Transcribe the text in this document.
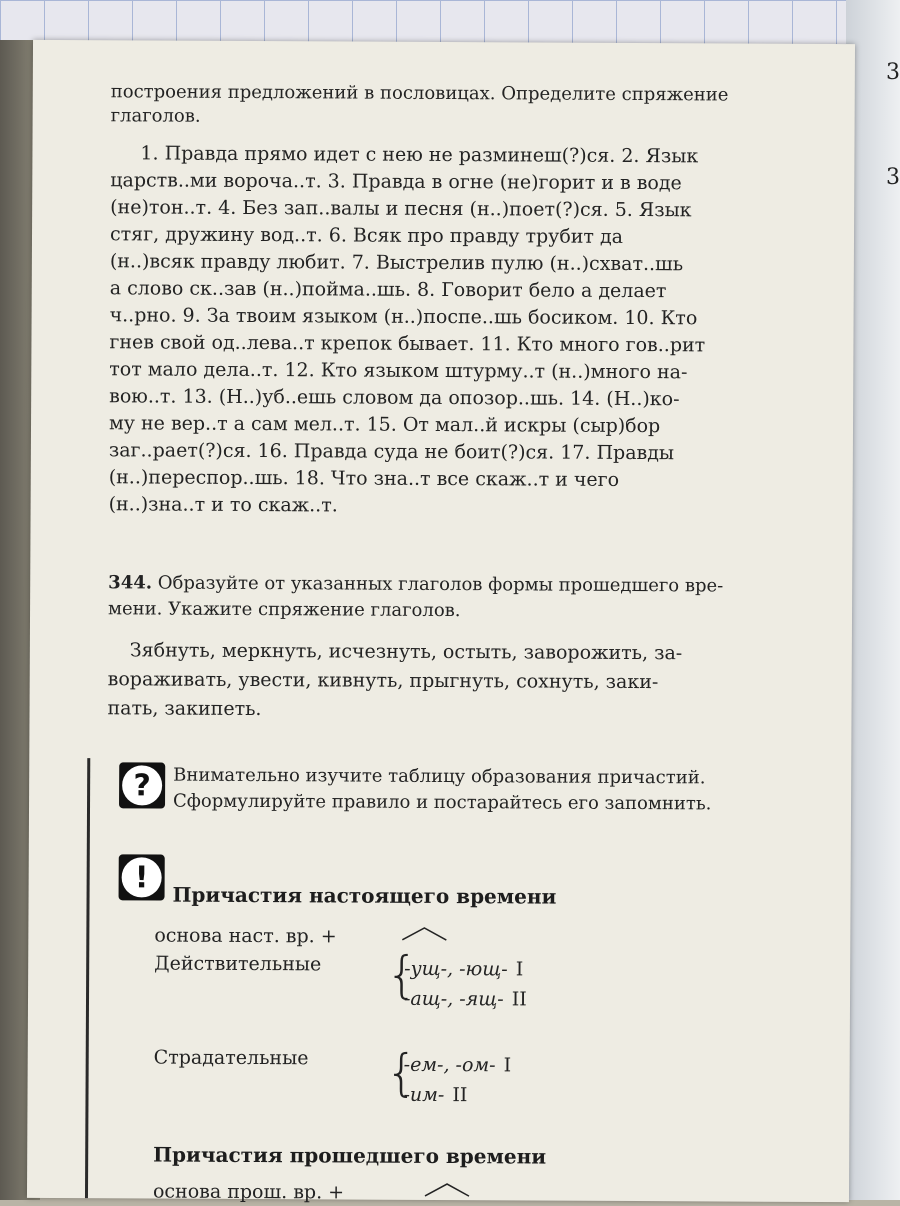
3
3

построения предложений в пословицах. Определите спряжение
глаголов.

1. Правда прямо идет с нею не разминеш(?)ся. 2. Язык
царств..ми вороча..т. 3. Правда в огне (не)горит и в воде
(не)тон..т. 4. Без зап..валы и песня (н..)поет(?)ся. 5. Язык
стяг, дружину вод..т. 6. Всяк про правду трубит да
(н..)всяк правду любит. 7. Выстрелив пулю (н..)схват..шь
а слово ск..зав (н..)пойма..шь. 8. Говорит бело а делает
ч..рно. 9. За твоим языком (н..)поспе..шь босиком. 10. Кто
гнев свой од..лева..т крепок бывает. 11. Кто много гов..рит
тот мало дела..т. 12. Кто языком штурму..т (н..)много на-
вою..т. 13. (Н..)уб..ешь словом да опозор..шь. 14. (Н..)ко-
му не вер..т а сам мел..т. 15. От мал..й искры (сыр)бор
заг..рает(?)ся. 16. Правда суда не боит(?)ся. 17. Правды
(н..)переспор..шь. 18. Что зна..т все скаж..т и чего
(н..)зна..т и то скаж..т.

344. Образуйте от указанных глаголов формы прошедшего вре-
мени. Укажите спряжение глаголов.

Зябнуть, меркнуть, исчезнуть, остыть, заворожить, за-
вораживать, увести, кивнуть, прыгнуть, сохнуть, заки-
пать, закипеть.

? Внимательно изучите таблицу образования причастий.
Сформулируйте правило и постарайтесь его запомнить.
!
Причастия настоящего времени
основа наст. вр. +
Действительные {
-ущ-, -ющ- I
-ащ-, -ящ- II
Страдательные {
-ем-, -ом- I
-им- II
Причастия прошедшего времени
основа прош. вр. +
